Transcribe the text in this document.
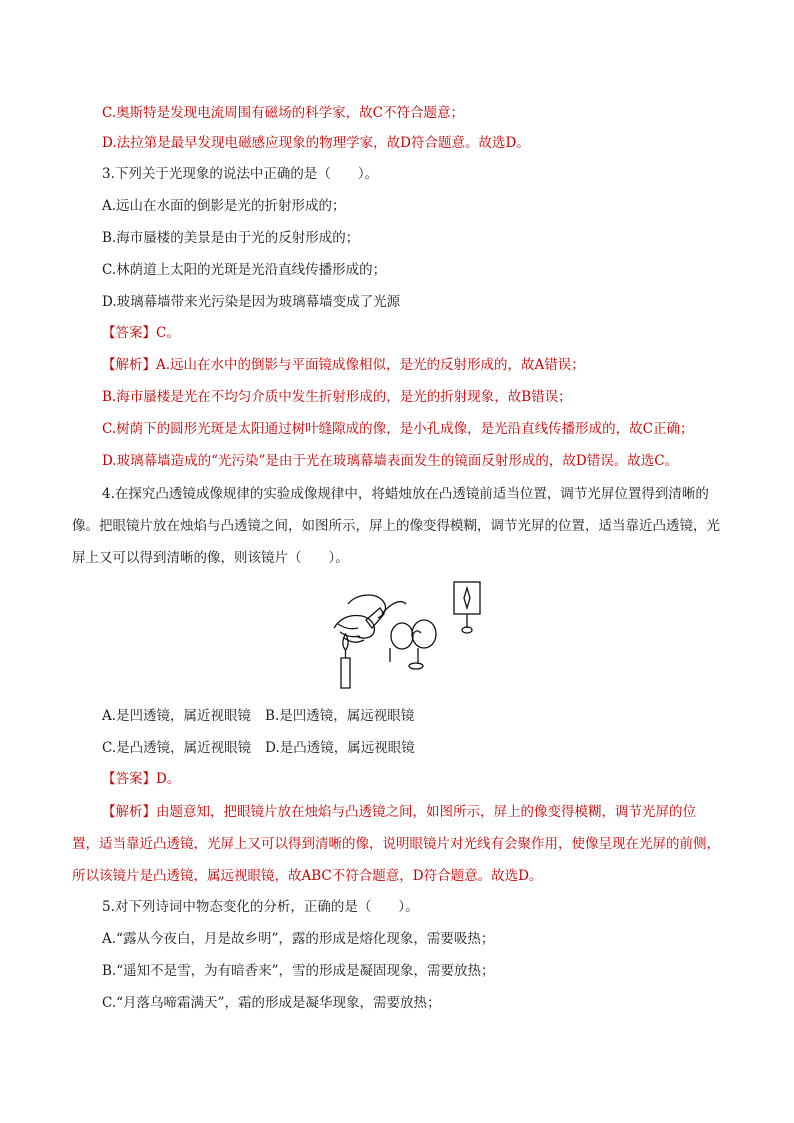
C.奥斯特是发现电流周围有磁场的科学家，故C不符合题意；
D.法拉第是最早发现电磁感应现象的物理学家，故D符合题意。故选D。
3.下列关于光现象的说法中正确的是（　　）。
A.远山在水面的倒影是光的折射形成的；
B.海市蜃楼的美景是由于光的反射形成的；
C.林荫道上太阳的光斑是光沿直线传播形成的；
D.玻璃幕墙带来光污染是因为玻璃幕墙变成了光源
【答案】C。
【解析】A.远山在水中的倒影与平面镜成像相似，是光的反射形成的，故A错误；
B.海市蜃楼是光在不均匀介质中发生折射形成的，是光的折射现象，故B错误；
C.树荫下的圆形光斑是太阳通过树叶缝隙成的像，是小孔成像，是光沿直线传播形成的，故C正确；
D.玻璃幕墙造成的“光污染”是由于光在玻璃幕墙表面发生的镜面反射形成的，故D错误。故选C。
4.在探究凸透镜成像规律的实验成像规律中，将蜡烛放在凸透镜前适当位置，调节光屏位置得到清晰的像。把眼镜片放在烛焰与凸透镜之间，如图所示，屏上的像变得模糊，调节光屏的位置，适当靠近凸透镜，光屏上又可以得到清晰的像，则该镜片（　　）。
A.是凹透镜，属近视眼镜 B.是凹透镜，属远视眼镜
C.是凸透镜，属近视眼镜 D.是凸透镜，属远视眼镜
【答案】D。
【解析】由题意知，把眼镜片放在烛焰与凸透镜之间，如图所示，屏上的像变得模糊，调节光屏的位置，适当靠近凸透镜，光屏上又可以得到清晰的像，说明眼镜片对光线有会聚作用，使像呈现在光屏的前侧，所以该镜片是凸透镜，属远视眼镜，故ABC不符合题意，D符合题意。故选D。
5.对下列诗词中物态变化的分析，正确的是（　　）。
A.“露从今夜白，月是故乡明”，露的形成是熔化现象，需要吸热；
B.“遥知不是雪，为有暗香来”，雪的形成是凝固现象，需要放热；
C.“月落乌啼霜满天”，霜的形成是凝华现象，需要放热；
